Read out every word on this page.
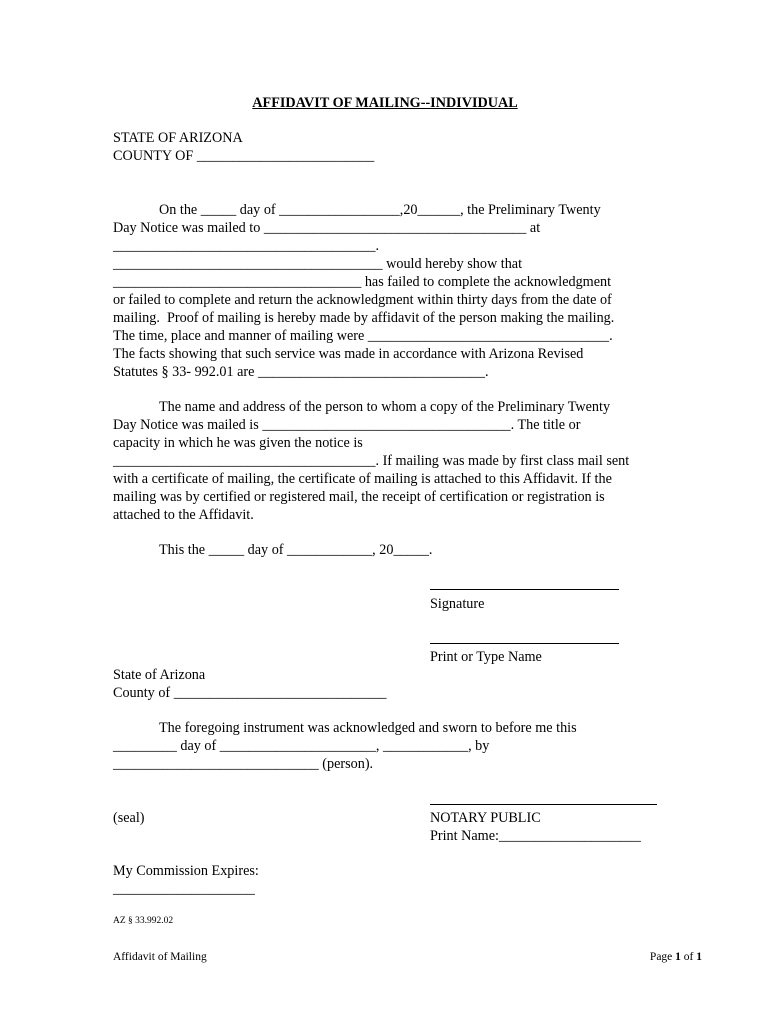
AFFIDAVIT OF MAILING--INDIVIDUAL
STATE OF ARIZONA
COUNTY OF _________________________
On the _____ day of _________________,20______, the Preliminary Twenty
Day Notice was mailed to _____________________________________ at
_____________________________________.
______________________________________ would hereby show that
___________________________________ has failed to complete the acknowledgment
or failed to complete and return the acknowledgment within thirty days from the date of
mailing.  Proof of mailing is hereby made by affidavit of the person making the mailing.
The time, place and manner of mailing were __________________________________.
The facts showing that such service was made in accordance with Arizona Revised
Statutes § 33- 992.01 are ________________________________.
The name and address of the person to whom a copy of the Preliminary Twenty
Day Notice was mailed is ___________________________________. The title or
capacity in which he was given the notice is
_____________________________________. If mailing was made by first class mail sent
with a certificate of mailing, the certificate of mailing is attached to this Affidavit. If the
mailing was by certified or registered mail, the receipt of certification or registration is
attached to the Affidavit.
This the _____ day of ____________, 20_____.
Signature
Print or Type Name
State of Arizona
County of ______________________________
The foregoing instrument was acknowledged and sworn to before me this
_________ day of ______________________, ____________, by
_____________________________ (person).
(seal)	NOTARY PUBLIC
Print Name:____________________
My Commission Expires:
____________________
AZ § 33.992.02
Affidavit of Mailing	Page 1 of 1
